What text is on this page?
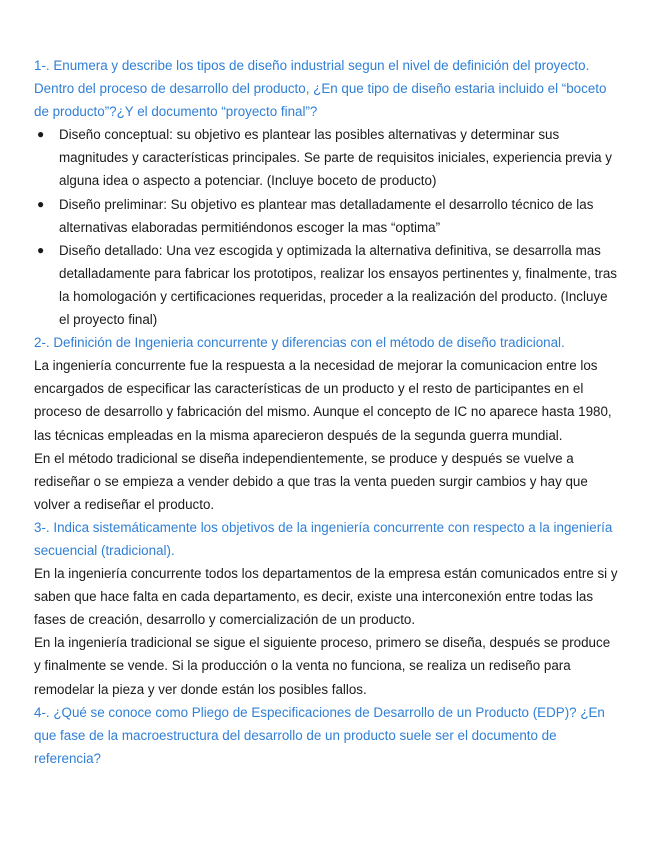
1-. Enumera y describe los tipos de diseño industrial segun el nivel de definición del proyecto. Dentro del proceso de desarrollo del producto, ¿En que tipo de diseño estaria incluido el “boceto de producto”?¿Y el documento “proyecto final”?

● Diseño conceptual: su objetivo es plantear las posibles alternativas y determinar sus magnitudes y características principales. Se parte de requisitos iniciales, experiencia previa y alguna idea o aspecto a potenciar. (Incluye boceto de producto)
● Diseño preliminar: Su objetivo es plantear mas detalladamente el desarrollo técnico de las alternativas elaboradas permitiéndonos escoger la mas “optima”
● Diseño detallado: Una vez escogida y optimizada la alternativa definitiva, se desarrolla mas detalladamente para fabricar los prototipos, realizar los ensayos pertinentes y, finalmente, tras la homologación y certificaciones requeridas, proceder a la realización del producto. (Incluye el proyecto final)

2-. Definición de Ingenieria concurrente y diferencias con el método de diseño tradicional.

La ingeniería concurrente fue la respuesta a la necesidad de mejorar la comunicacion entre los encargados de especificar las características de un producto y el resto de participantes en el proceso de desarrollo y fabricación del mismo. Aunque el concepto de IC no aparece hasta 1980, las técnicas empleadas en la misma aparecieron después de la segunda guerra mundial.

En el método tradicional se diseña independientemente, se produce y después se vuelve a rediseñar o se empieza a vender debido a que tras la venta pueden surgir cambios y hay que volver a rediseñar el producto.

3-. Indica sistemáticamente los objetivos de la ingeniería concurrente con respecto a la ingeniería secuencial (tradicional).

En la ingeniería concurrente todos los departamentos de la empresa están comunicados entre si y saben que hace falta en cada departamento, es decir, existe una interconexión entre todas las fases de creación, desarrollo y comercialización de un producto.

En la ingeniería tradicional se sigue el siguiente proceso, primero se diseña, después se produce y finalmente se vende. Si la producción o la venta no funciona, se realiza un rediseño para remodelar la pieza y ver donde están los posibles fallos.

4-. ¿Qué se conoce como Pliego de Especificaciones de Desarrollo de un Producto (EDP)? ¿En que fase de la macroestructura del desarrollo de un producto suele ser el documento de referencia?
